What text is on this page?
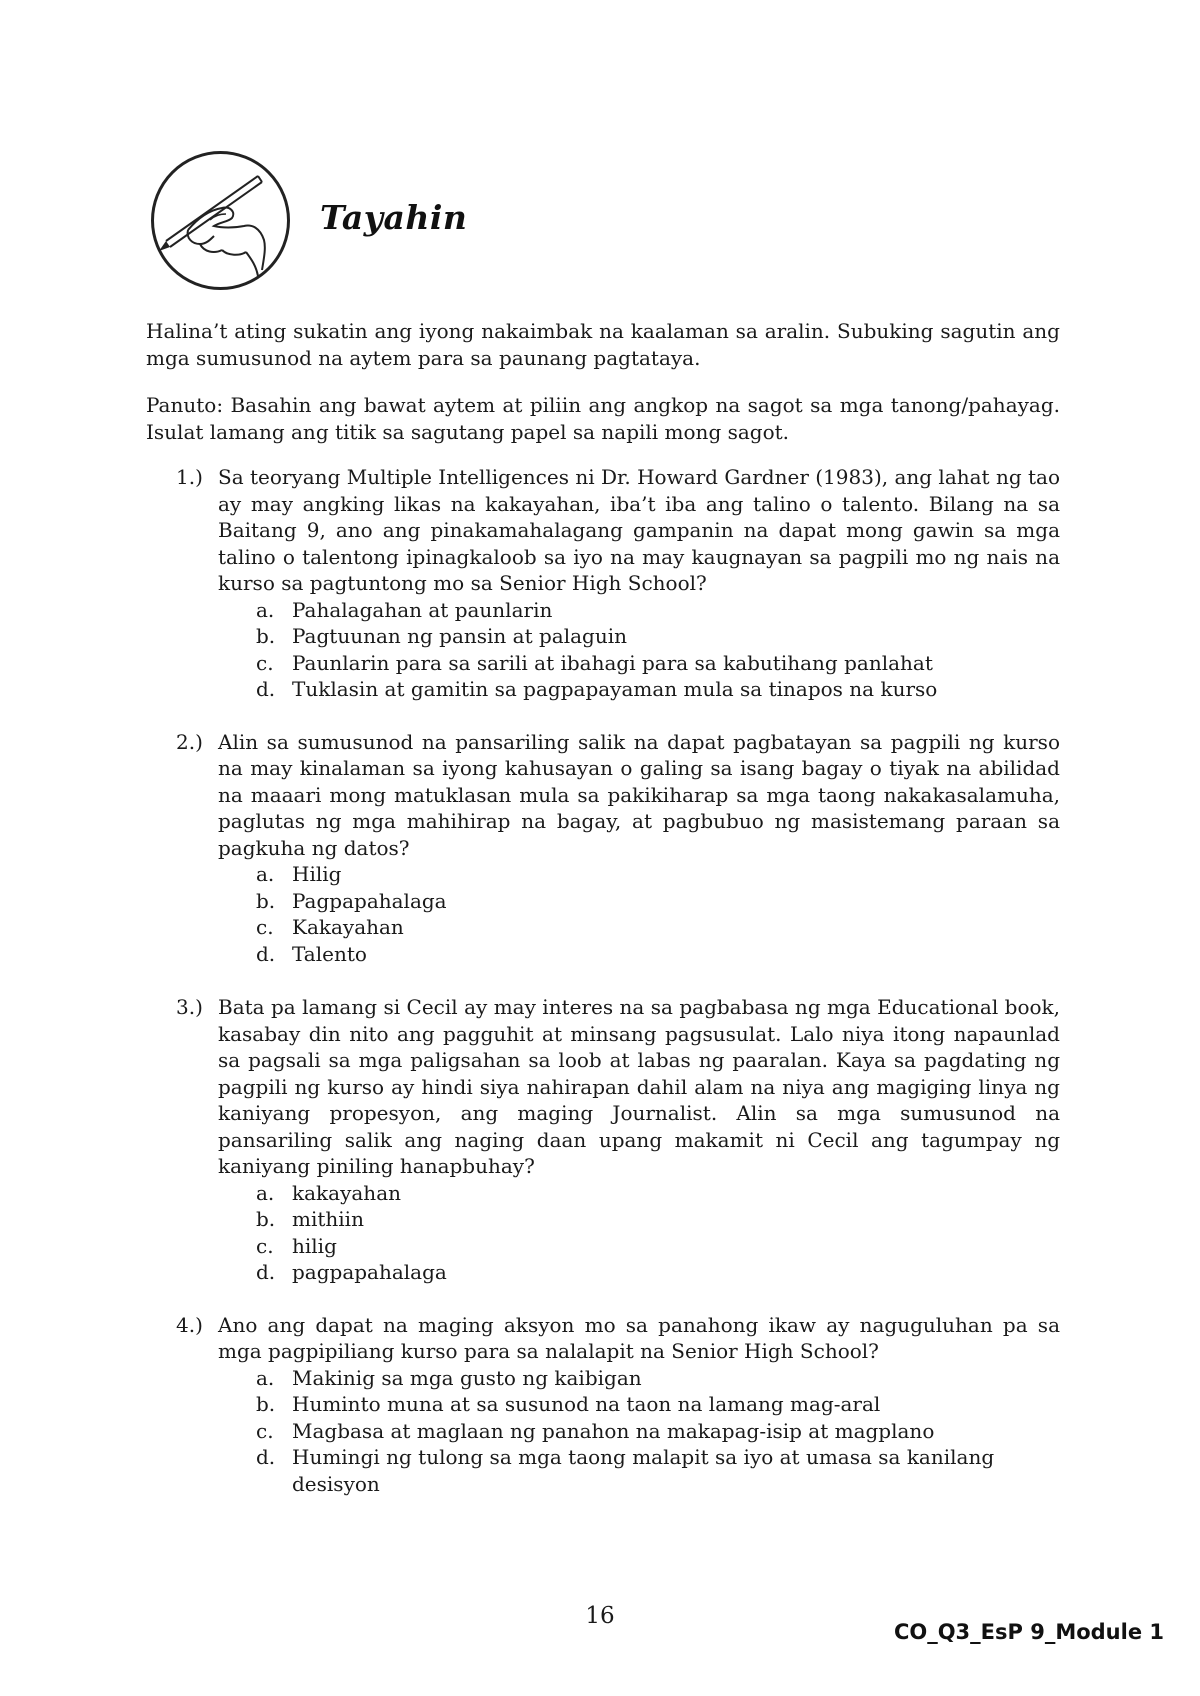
Tayahin

Halina’t ating sukatin ang iyong nakaimbak na kaalaman sa aralin. Subuking sagutin ang mga sumusunod na aytem para sa paunang pagtataya.

Panuto: Basahin ang bawat aytem at piliin ang angkop na sagot sa mga tanong/pahayag. Isulat lamang ang titik sa sagutang papel sa napili mong sagot.

1.) Sa teoryang Multiple Intelligences ni Dr. Howard Gardner (1983), ang lahat ng tao ay may angking likas na kakayahan, iba’t iba ang talino o talento. Bilang na sa Baitang 9, ano ang pinakamahalagang gampanin na dapat mong gawin sa mga talino o talentong ipinagkaloob sa iyo na may kaugnayan sa pagpili mo ng nais na kurso sa pagtuntong mo sa Senior High School?
a. Pahalagahan at paunlarin
b. Pagtuunan ng pansin at palaguin
c. Paunlarin para sa sarili at ibahagi para sa kabutihang panlahat
d. Tuklasin at gamitin sa pagpapayaman mula sa tinapos na kurso
2.) Alin sa sumusunod na pansariling salik na dapat pagbatayan sa pagpili ng kurso na may kinalaman sa iyong kahusayan o galing sa isang bagay o tiyak na abilidad na maaari mong matuklasan mula sa pakikiharap sa mga taong nakakasalamuha, paglutas ng mga mahihirap na bagay, at pagbubuo ng masistemang paraan sa pagkuha ng datos?
a. Hilig
b. Pagpapahalaga
c. Kakayahan
d. Talento
3.) Bata pa lamang si Cecil ay may interes na sa pagbabasa ng mga Educational book, kasabay din nito ang pagguhit at minsang pagsusulat. Lalo niya itong napaunlad sa pagsali sa mga paligsahan sa loob at labas ng paaralan. Kaya sa pagdating ng pagpili ng kurso ay hindi siya nahirapan dahil alam na niya ang magiging linya ng kaniyang propesyon, ang maging Journalist. Alin sa mga sumusunod na pansariling salik ang naging daan upang makamit ni Cecil ang tagumpay ng kaniyang piniling hanapbuhay?
a. kakayahan
b. mithiin
c. hilig
d. pagpapahalaga
4.) Ano ang dapat na maging aksyon mo sa panahong ikaw ay naguguluhan pa sa mga pagpipiliang kurso para sa nalalapit na Senior High School?
a. Makinig sa mga gusto ng kaibigan
b. Huminto muna at sa susunod na taon na lamang mag-aral
c. Magbasa at maglaan ng panahon na makapag-isip at magplano
d. Humingi ng tulong sa mga taong malapit sa iyo at umasa sa kanilang desisyon
16
CO_Q3_EsP 9_Module 1
